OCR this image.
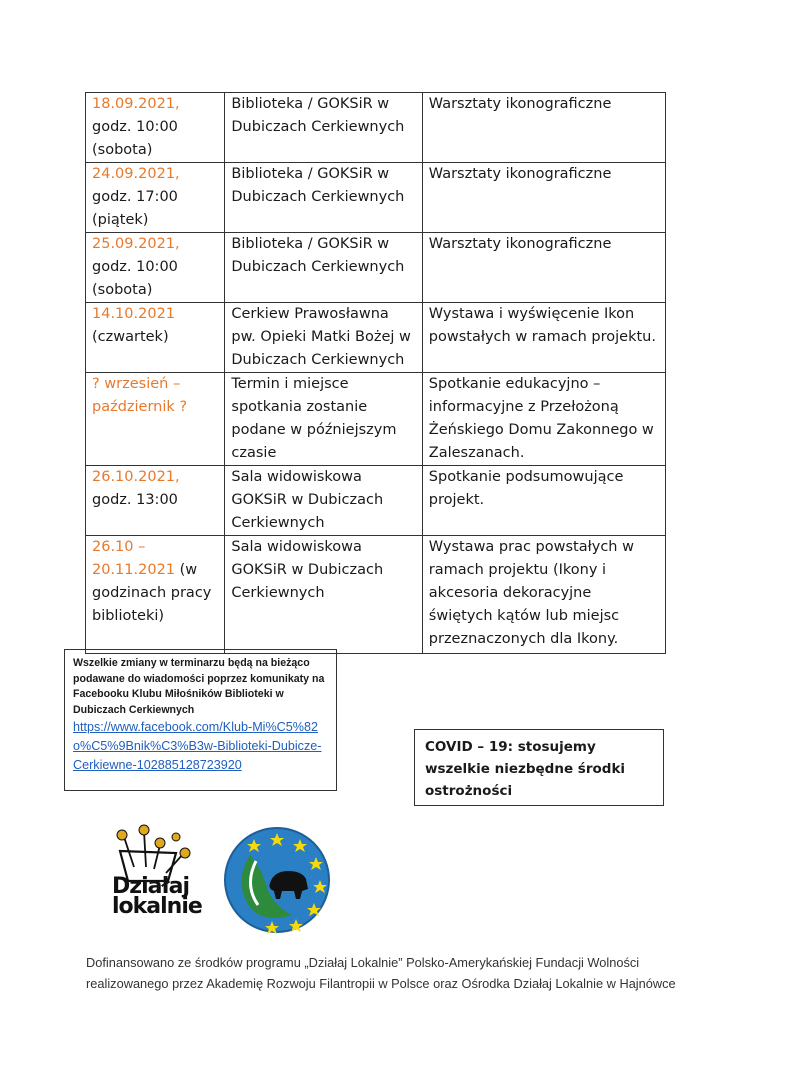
18.09.2021,
godz. 10:00
(sobota)	Biblioteka / GOKSiR w Dubiczach Cerkiewnych	Warsztaty ikonograficzne
24.09.2021,
godz. 17:00
(piątek)	Biblioteka / GOKSiR w Dubiczach Cerkiewnych	Warsztaty ikonograficzne
25.09.2021,
godz. 10:00
(sobota)	Biblioteka / GOKSiR w Dubiczach Cerkiewnych	Warsztaty ikonograficzne
14.10.2021
(czwartek)	Cerkiew Prawosławna pw. Opieki Matki Bożej w Dubiczach Cerkiewnych	Wystawa i wyświęcenie Ikon powstałych w ramach projektu.
? wrzesień – październik ?	Termin i miejsce spotkania zostanie podane w późniejszym czasie	Spotkanie edukacyjno – informacyjne z Przełożoną Żeńskiego Domu Zakonnego w Zaleszanach.
26.10.2021,
godz. 13:00	Sala widowiskowa GOKSiR w Dubiczach Cerkiewnych	Spotkanie podsumowujące projekt.
26.10 – 20.11.2021 (w godzinach pracy biblioteki)	Sala widowiskowa GOKSiR w Dubiczach Cerkiewnych	Wystawa prac powstałych w ramach projektu (Ikony i akcesoria dekoracyjne świętych kątów lub miejsc przeznaczonych dla Ikony.
Wszelkie zmiany w terminarzu będą na bieżąco podawane do wiadomości poprzez komunikaty na Facebooku Klubu Miłośników Biblioteki w Dubiczach Cerkiewnych
https://www.facebook.com/Klub-Mi%C5%82o%C5%9Bnik%C3%B3w-Biblioteki-Dubicze-Cerkiewne-102885128723920
COVID – 19: stosujemy wszelkie niezbędne środki ostrożności
Działaj
lokalnie
Dofinansowano ze środków programu „Działaj Lokalnie” Polsko-Amerykańskiej Fundacji Wolności realizowanego przez Akademię Rozwoju Filantropii w Polsce oraz Ośrodka Działaj Lokalnie w Hajnówce
